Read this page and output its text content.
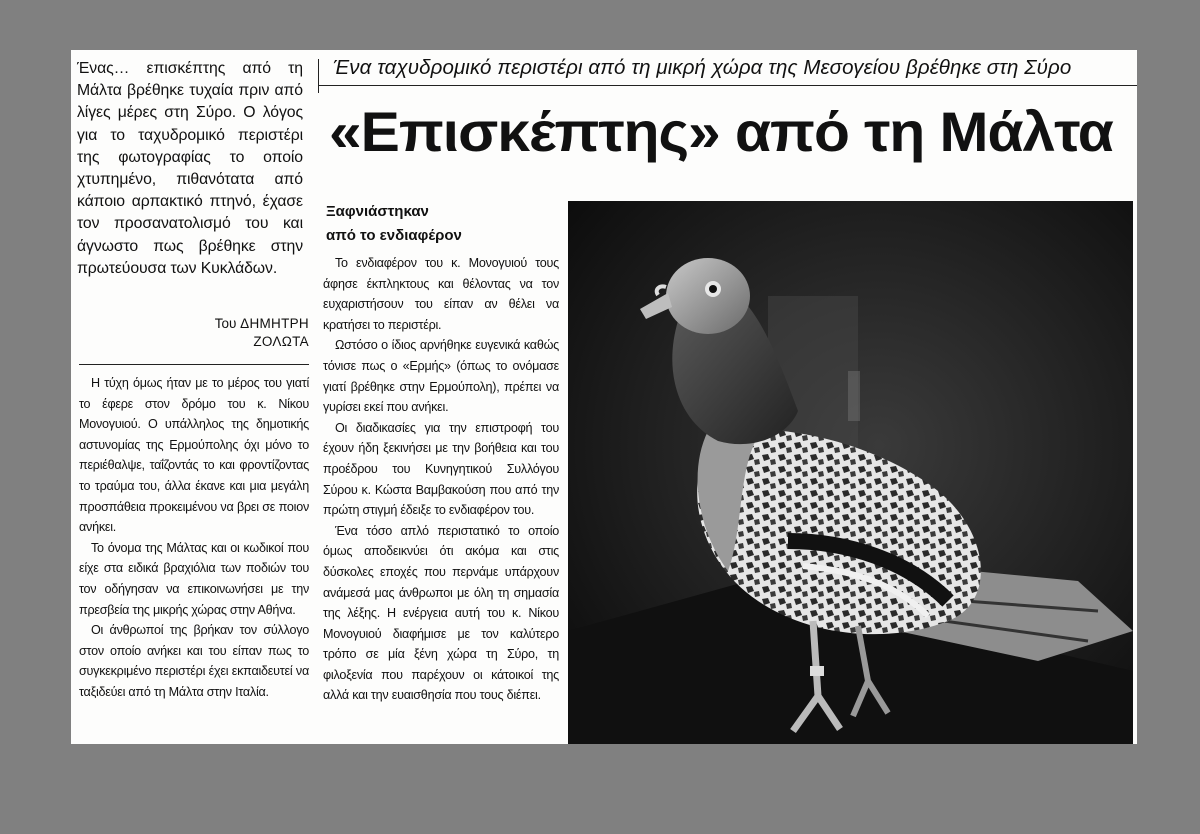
Ένας… επισκέπτης από τη Μάλτα βρέθηκε τυχαία πριν από λίγες μέρες στη Σύρο. Ο λόγος για το ταχυδρομικό περιστέρι της φωτογραφίας το οποίο χτυπημένο, πιθανότατα από κάποιο αρπακτικό πτηνό, έχασε τον προσανατολισμό του και άγνωστο πως βρέθηκε στην πρωτεύουσα των Κυκλάδων.
Του ΔΗΜΗΤΡΗ
ΖΟΛΩΤΑ

Η τύχη όμως ήταν με το μέρος του γιατί το έφερε στον δρόμο του κ. Νίκου Μονογυιού. Ο υπάλληλος της δημοτικής αστυνομίας της Ερμούπολης όχι μόνο το περιέθαλψε, ταΐζοντάς το και φροντίζοντας το τραύμα του, άλλα έκανε και μια μεγάλη προσπάθεια προκειμένου να βρει σε ποιον ανήκει.

Το όνομα της Μάλτας και οι κωδικοί που είχε στα ειδικά βραχιόλια των ποδιών του τον οδήγησαν να επικοινωνήσει με την πρεσβεία της μικρής χώρας στην Αθήνα.

Οι άνθρωποί της βρήκαν τον σύλλογο στον οποίο ανήκει και του είπαν πως το συγκεκριμένο περιστέρι έχει εκπαιδευτεί να ταξιδεύει από τη Μάλτα στην Ιταλία.

Ένα ταχυδρομικό περιστέρι από τη μικρή χώρα της Μεσογείου βρέθηκε στη Σύρο
«Επισκέπτης» από τη Μάλτα
Ξαφνιάστηκαν
από το ενδιαφέρον

Το ενδιαφέρον του κ. Μονογυιού τους άφησε έκπληκτους και θέλοντας να τον ευχαριστήσουν του είπαν αν θέλει να κρατήσει το περιστέρι.

Ωστόσο ο ίδιος αρνήθηκε ευγενικά καθώς τόνισε πως ο «Ερμής» (όπως το ονόμασε γιατί βρέθηκε στην Ερμούπολη), πρέπει να γυρίσει εκεί που ανήκει.

Οι διαδικασίες για την επιστροφή του έχουν ήδη ξεκινήσει με την βοήθεια και του προέδρου του Κυνηγητικού Συλλόγου Σύρου κ. Κώστα Βαμβακούση που από την πρώτη στιγμή έδειξε το ενδιαφέρον του.

Ένα τόσο απλό περιστατικό το οποίο όμως αποδεικνύει ότι ακόμα και στις δύσκολες εποχές που περνάμε υπάρχουν ανάμεσά μας άνθρωποι με όλη τη σημασία της λέξης. Η ενέργεια αυτή του κ. Νίκου Μονογυιού διαφήμισε με τον καλύτερο τρόπο σε μία ξένη χώρα τη Σύρο, τη φιλοξενία που παρέχουν οι κάτοικοί της αλλά και την ευαισθησία που τους διέπει.
